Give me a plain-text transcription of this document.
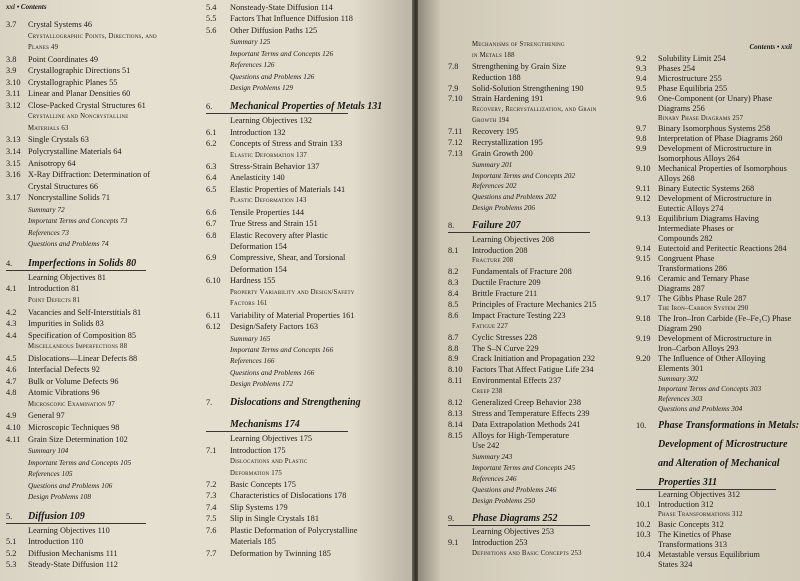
xxi • Contents
3.7 Crystal Systems 46
Crystallographic Points, Directions, and
Planes 49
3.8 Point Coordinates 49
3.9 Crystallographic Directions 51
3.10 Crystallographic Planes 55
3.11 Linear and Planar Densities 60
3.12 Close-Packed Crystal Structures 61
Crystalline and Noncrystalline
Materials 63
3.13 Single Crystals 63
3.14 Polycrystalline Materials 64
3.15 Anisotropy 64
3.16 X-Ray Diffraction: Determination of
Crystal Structures 66
3.17 Noncrystalline Solids 71
Summary 72
Important Terms and Concepts 73
References 73
Questions and Problems 74
4. Imperfections in Solids 80
Learning Objectives 81
4.1 Introduction 81
Point Defects 81
4.2 Vacancies and Self-Interstitials 81
4.3 Impurities in Solids 83
4.4 Specification of Composition 85
Miscellaneous Imperfections 88
4.5 Dislocations—Linear Defects 88
4.6 Interfacial Defects 92
4.7 Bulk or Volume Defects 96
4.8 Atomic Vibrations 96
Microscopic Examination 97
4.9 General 97
4.10 Microscopic Techniques 98
4.11 Grain Size Determination 102
Summary 104
Important Terms and Concepts 105
References 105
Questions and Problems 106
Design Problems 108
5. Diffusion 109
Learning Objectives 110
5.1 Introduction 110
5.2 Diffusion Mechanisms 111
5.3 Steady-State Diffusion 112
5.4 Nonsteady-State Diffusion 114
5.5 Factors That Influence Diffusion 118
5.6 Other Diffusion Paths 125
Summary 125
Important Terms and Concepts 126
References 126
Questions and Problems 126
Design Problems 129
6. Mechanical Properties of Metals 131
Learning Objectives 132
6.1 Introduction 132
6.2 Concepts of Stress and Strain 133
Elastic Deformation 137
6.3 Stress-Strain Behavior 137
6.4 Anelasticity 140
6.5 Elastic Properties of Materials 141
Plastic Deformation 143
6.6 Tensile Properties 144
6.7 True Stress and Strain 151
6.8 Elastic Recovery after Plastic
Deformation 154
6.9 Compressive, Shear, and Torsional
Deformation 154
6.10 Hardness 155
Property Variability and Design/Safety
Factors 161
6.11 Variability of Material Properties 161
6.12 Design/Safety Factors 163
Summary 165
Important Terms and Concepts 166
References 166
Questions and Problems 166
Design Problems 172
7. Dislocations and Strengthening
Mechanisms 174
Learning Objectives 175
7.1 Introduction 175
Dislocations and Plastic
Deformation 175
7.2 Basic Concepts 175
7.3 Characteristics of Dislocations 178
7.4 Slip Systems 179
7.5 Slip in Single Crystals 181
7.6 Plastic Deformation of Polycrystalline
Materials 185
7.7 Deformation by Twinning 185
Contents • xxii
Mechanisms of Strengthening
in Metals 188
7.8 Strengthening by Grain Size
Reduction 188
7.9 Solid-Solution Strengthening 190
7.10 Strain Hardening 191
Recovery, Recrystallization, and Grain
Growth 194
7.11 Recovery 195
7.12 Recrystallization 195
7.13 Grain Growth 200
Summary 201
Important Terms and Concepts 202
References 202
Questions and Problems 202
Design Problems 206
8. Failure 207
Learning Objectives 208
8.1 Introduction 208
Fracture 208
8.2 Fundamentals of Fracture 208
8.3 Ductile Fracture 209
8.4 Brittle Fracture 211
8.5 Principles of Fracture Mechanics 215
8.6 Impact Fracture Testing 223
Fatigue 227
8.7 Cyclic Stresses 228
8.8 The S–N Curve 229
8.9 Crack Initiation and Propagation 232
8.10 Factors That Affect Fatigue Life 234
8.11 Environmental Effects 237
Creep 238
8.12 Generalized Creep Behavior 238
8.13 Stress and Temperature Effects 239
8.14 Data Extrapolation Methods 241
8.15 Alloys for High-Temperature
Use 242
Summary 243
Important Terms and Concepts 245
References 246
Questions and Problems 246
Design Problems 250
9. Phase Diagrams 252
Learning Objectives 253
9.1 Introduction 253
Definitions and Basic Concepts 253
9.2 Solubility Limit 254
9.3 Phases 254
9.4 Microstructure 255
9.5 Phase Equilibria 255
9.6 One-Component (or Unary) Phase
Diagrams 256
Binary Phase Diagrams 257
9.7 Binary Isomorphous Systems 258
9.8 Interpretation of Phase Diagrams 260
9.9 Development of Microstructure in
Isomorphous Alloys 264
9.10 Mechanical Properties of Isomorphous
Alloys 268
9.11 Binary Eutectic Systems 268
9.12 Development of Microstructure in
Eutectic Alloys 274
9.13 Equilibrium Diagrams Having
Intermediate Phases or
Compounds 282
9.14 Eutectoid and Peritectic Reactions 284
9.15 Congruent Phase
Transformations 286
9.16 Ceramic and Ternary Phase
Diagrams 287
9.17 The Gibbs Phase Rule 287
The Iron–Carbon System 290
9.18 The Iron–Iron Carbide (Fe–Fe₃C) Phase
Diagram 290
9.19 Development of Microstructure in
Iron–Carbon Alloys 293
9.20 The Influence of Other Alloying
Elements 301
Summary 302
Important Terms and Concepts 303
References 303
Questions and Problems 304
10. Phase Transformations in Metals:
Development of Microstructure
and Alteration of Mechanical
Properties 311
Learning Objectives 312
10.1 Introduction 312
Phase Transformations 312
10.2 Basic Concepts 312
10.3 The Kinetics of Phase
Transformations 313
10.4 Metastable versus Equilibrium
States 324
